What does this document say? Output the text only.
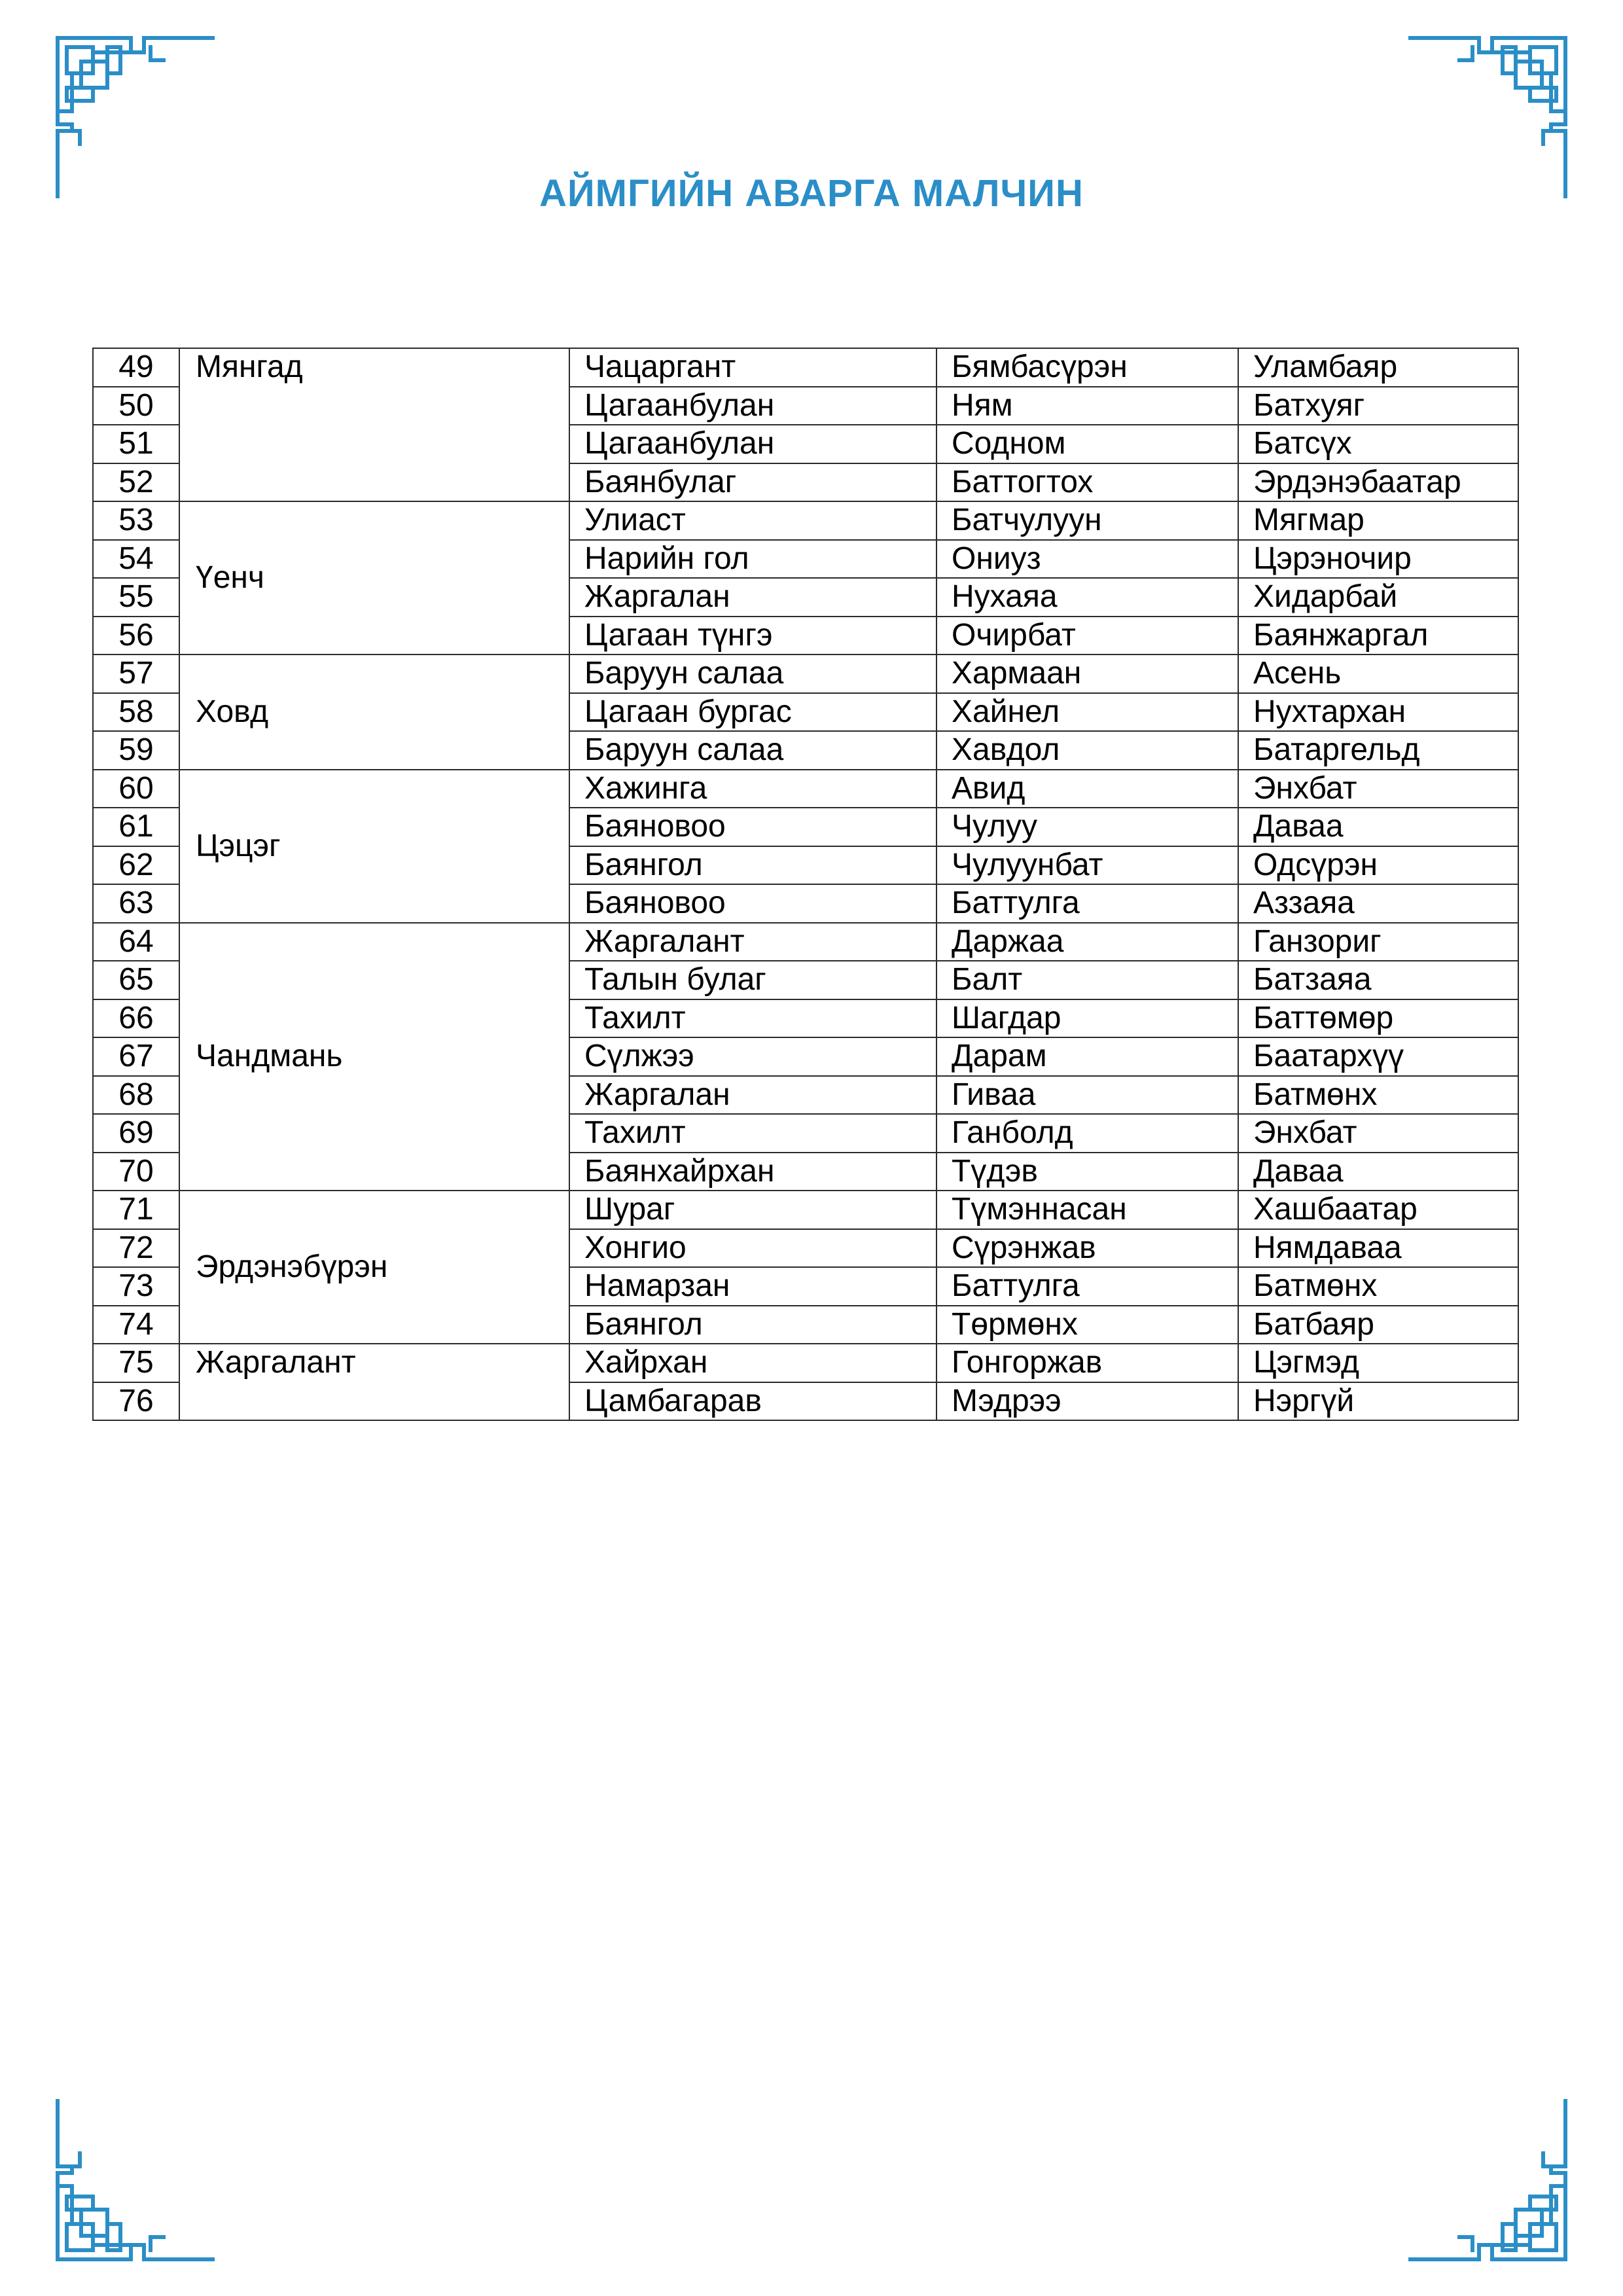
АЙМГИЙН АВАРГА МАЛЧИН
49	Мянгад	Чацаргант	Бямбасүрэн	Уламбаяр
50		Цагаанбулан	Ням	Батхуяг
51		Цагаанбулан	Содном	Батсүх
52		Баянбулаг	Баттогтох	Эрдэнэбаатар
53	Үенч	Улиаст	Батчулуун	Мягмар
54		Нарийн гол	Ониуз	Цэрэночир
55		Жаргалан	Нухаяа	Хидарбай
56		Цагаан түнгэ	Очирбат	Баянжаргал
57	Ховд	Баруун салаа	Хармаан	Асень
58		Цагаан бургас	Хайнел	Нухтархан
59		Баруун салаа	Хавдол	Батаргельд
60	Цэцэг	Хажинга	Авид	Энхбат
61		Баяновоо	Чулуу	Даваа
62		Баянгол	Чулуунбат	Одсүрэн
63		Баяновоо	Баттулга	Аззаяа
64	Чандмань	Жаргалант	Даржаа	Ганзориг
65		Талын булаг	Балт	Батзаяа
66		Тахилт	Шагдар	Баттөмөр
67		Сүлжээ	Дарам	Баатархүү
68		Жаргалан	Гиваа	Батмөнх
69		Тахилт	Ганболд	Энхбат
70		Баянхайрхан	Түдэв	Даваа
71	Эрдэнэбүрэн	Шураг	Түмэннасан	Хашбаатар
72		Хонгио	Сүрэнжав	Нямдаваа
73		Намарзан	Баттулга	Батмөнх
74		Баянгол	Төрмөнх	Батбаяр
75	Жаргалант	Хайрхан	Гонгоржав	Цэгмэд
76		Цамбагарав	Мэдрээ	Нэргүй
